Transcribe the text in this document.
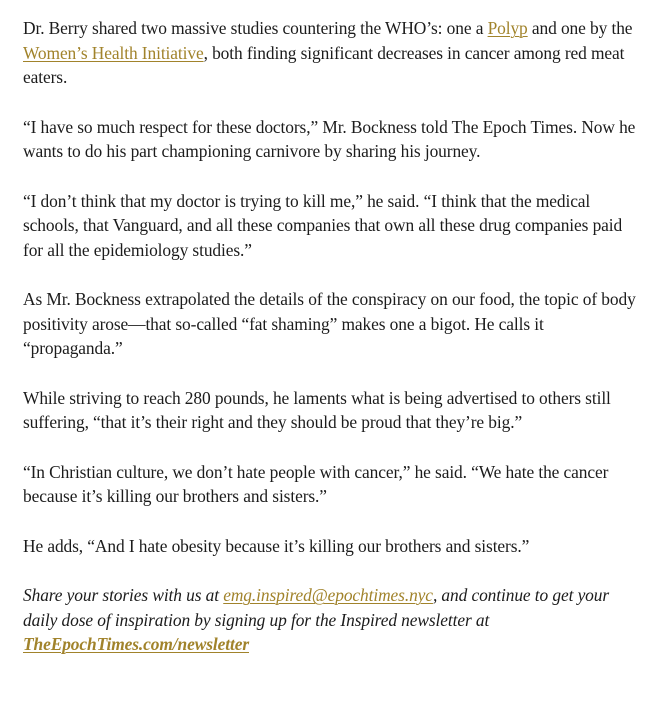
Dr. Berry shared two massive studies countering the WHO’s: one a Polyp and one by the Women’s Health Initiative, both finding significant decreases in cancer among red meat eaters.

“I have so much respect for these doctors,” Mr. Bockness told The Epoch Times. Now he wants to do his part championing carnivore by sharing his journey.

“I don’t think that my doctor is trying to kill me,” he said. “I think that the medical schools, that Vanguard, and all these companies that own all these drug companies paid for all the epidemiology studies.”

As Mr. Bockness extrapolated the details of the conspiracy on our food, the topic of body positivity arose—that so-called “fat shaming” makes one a bigot. He calls it “propaganda.”

While striving to reach 280 pounds, he laments what is being advertised to others still suffering, “that it’s their right and they should be proud that they’re big.”

“In Christian culture, we don’t hate people with cancer,” he said. “We hate the cancer because it’s killing our brothers and sisters.”

He adds, “And I hate obesity because it’s killing our brothers and sisters.”

Share your stories with us at emg.inspired@epochtimes.nyc, and continue to get your daily dose of inspiration by signing up for the Inspired newsletter at TheEpochTimes.com/newsletter
